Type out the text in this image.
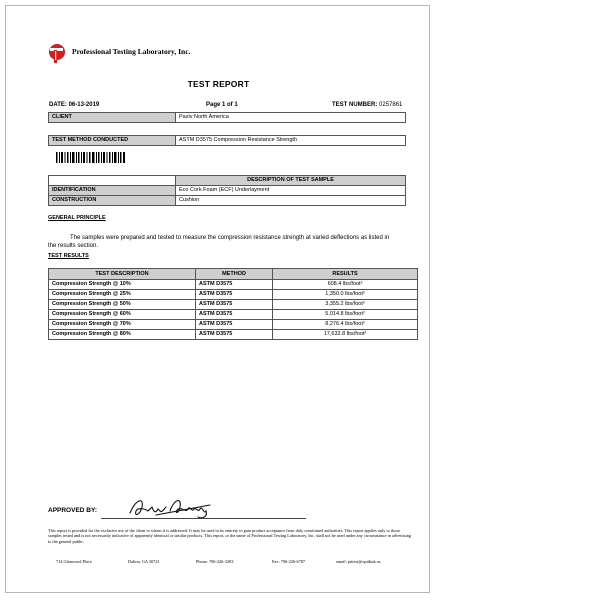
Professional Testing Laboratory, Inc.
TEST REPORT
DATE: 06-13-2019	Page 1 of 1	TEST NUMBER: 0257861
CLIENT	Paziv North America
TEST METHOD CONDUCTED	ASTM D3575 Compression Resistance Strength
	DESCRIPTION OF TEST SAMPLE
IDENTIFICATION	Eco Cork Foam (ECF) Underlayment
CONSTRUCTION	Cushion
GENERAL PRINCIPLE
The samples were prepared and tested to measure the compression resistance strength at varied deflections as listed in the results section.
TEST RESULTS
TEST DESCRIPTION	METHOD	RESULTS
Compression Strength @ 10%	ASTM D3575	608.4 lbs/foot²
Compression Strength @ 25%	ASTM D3575	1,350.0 lbs/foot²
Compression Strength @ 50%	ASTM D3575	3,355.2 lbs/foot²
Compression Strength @ 60%	ASTM D3575	5,014.8 lbs/foot²
Compression Strength @ 70%	ASTM D3575	8,276.4 lbs/foot²
Compression Strength @ 80%	ASTM D3575	17,632.8 lbs/foot²
APPROVED BY:
This report is provided for the exclusive use of the client to whom it is addressed. It may be used in its entirety to gain product acceptance from duly constituted authorities. This report applies only to those samples tested and is not necessarily indicative of apparently identical or similar products. This report, or the name of Professional Testing Laboratory, Inc. shall not be used under any circumstance in advertising to the general public.
714 Glenwood Place	Dalton, GA 30721	Phone: 706-226-3283	Fax: 706-226-6787	email: ptitest@optilink.us
